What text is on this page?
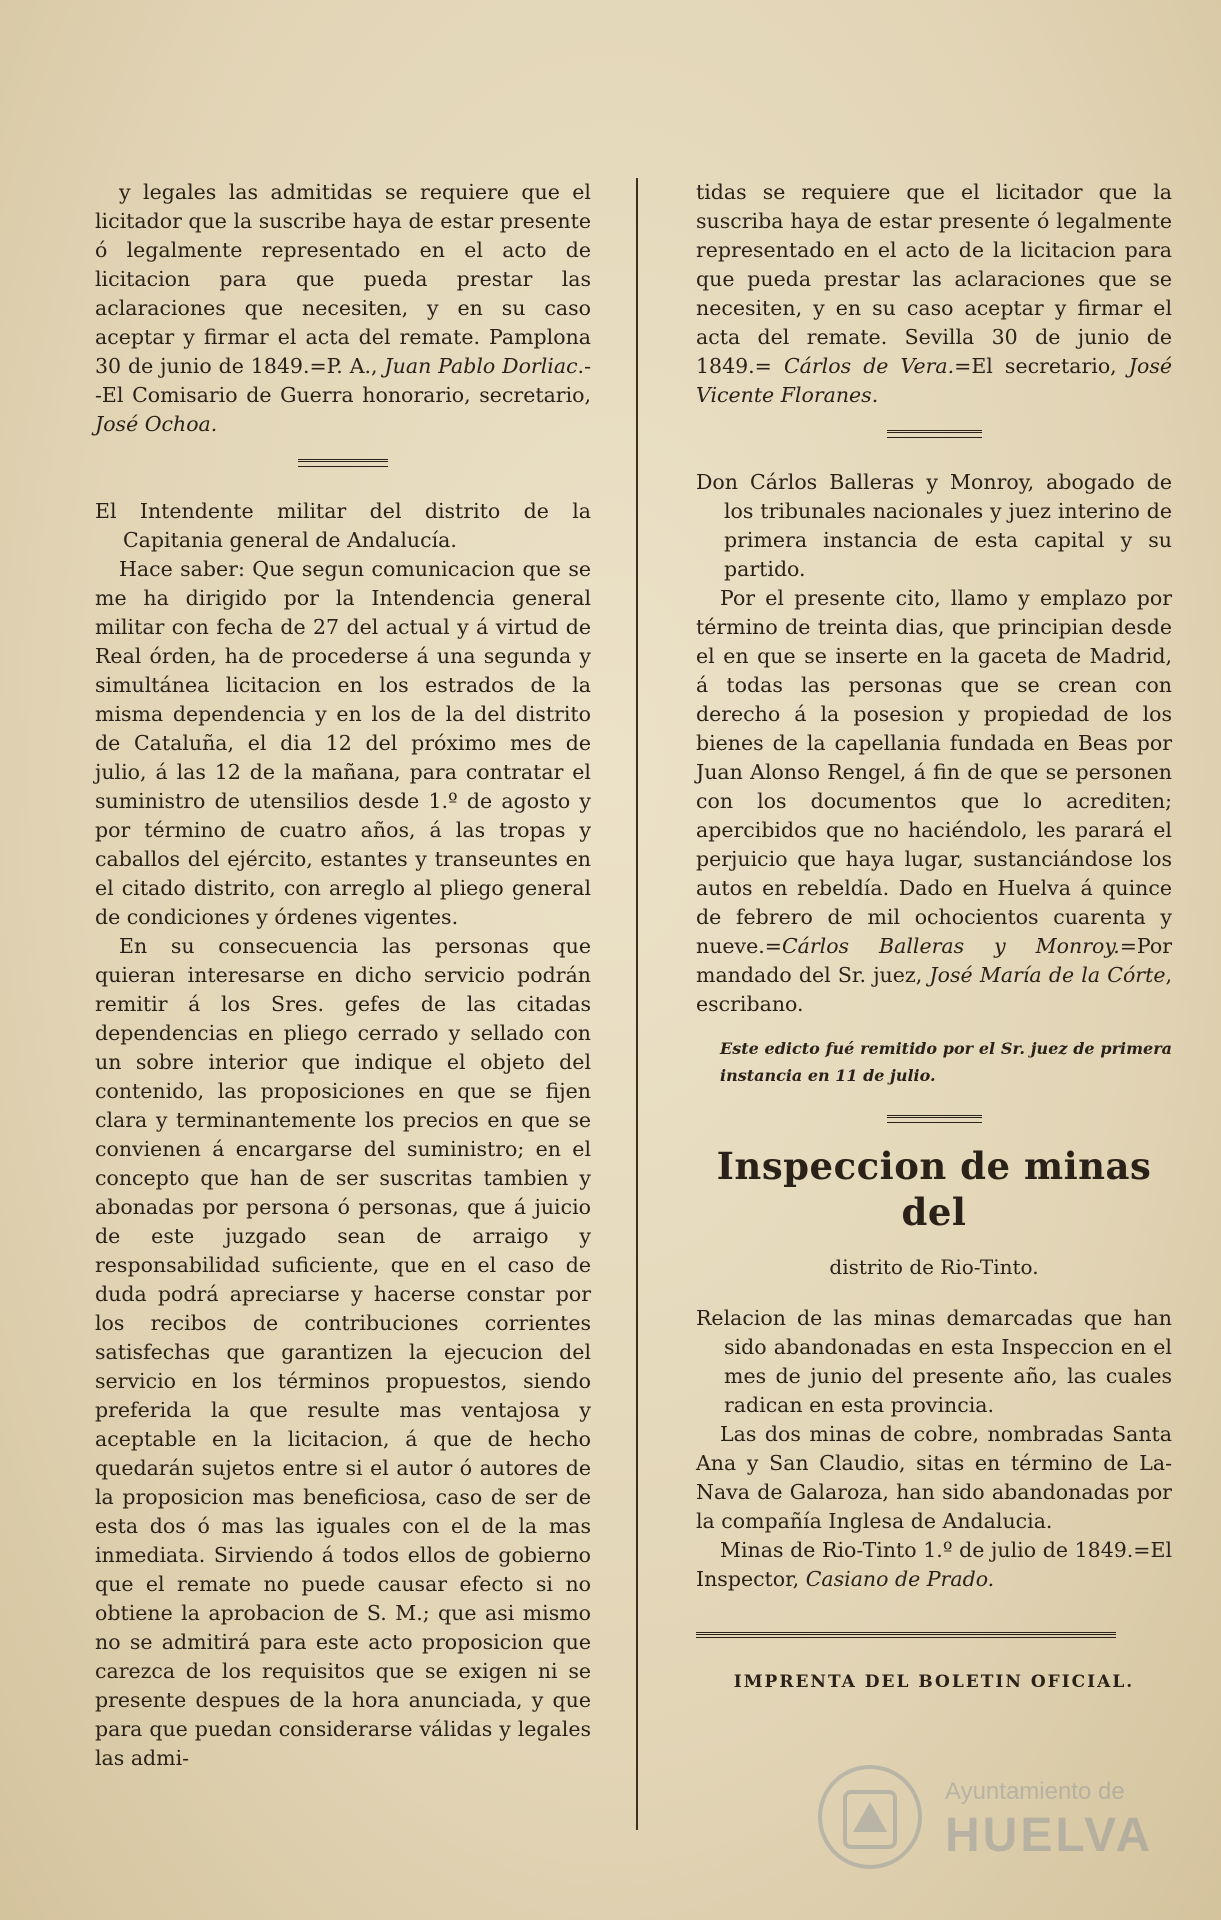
y legales las admitidas se requiere que el licitador que la suscribe haya de estar presente ó legalmente representado en el acto de licitacion para que pueda prestar las aclaraciones que necesiten, y en su caso aceptar y firmar el acta del remate. Pamplona 30 de junio de 1849.=P. A., Juan Pablo Dorliac.--El Comisario de Guerra honorario, secretario, José Ochoa.

El Intendente militar del distrito de la Capitania general de Andalucía.

Hace saber: Que segun comunicacion que se me ha dirigido por la Intendencia general militar con fecha de 27 del actual y á virtud de Real órden, ha de procederse á una segunda y simultánea licitacion en los estrados de la misma dependencia y en los de la del distrito de Cataluña, el dia 12 del próximo mes de julio, á las 12 de la mañana, para contratar el suministro de utensilios desde 1.º de agosto y por término de cuatro años, á las tropas y caballos del ejército, estantes y transeuntes en el citado distrito, con arreglo al pliego general de condiciones y órdenes vigentes.

En su consecuencia las personas que quieran interesarse en dicho servicio podrán remitir á los Sres. gefes de las citadas dependencias en pliego cerrado y sellado con un sobre interior que indique el objeto del contenido, las proposiciones en que se fijen clara y terminantemente los precios en que se convienen á encargarse del suministro; en el concepto que han de ser suscritas tambien y abonadas por persona ó personas, que á juicio de este juzgado sean de arraigo y responsabilidad suficiente, que en el caso de duda podrá apreciarse y hacerse constar por los recibos de contribuciones corrientes satisfechas que garantizen la ejecucion del servicio en los términos propuestos, siendo preferida la que resulte mas ventajosa y aceptable en la licitacion, á que de hecho quedarán sujetos entre si el autor ó autores de la proposicion mas beneficiosa, caso de ser de esta dos ó mas las iguales con el de la mas inmediata. Sirviendo á todos ellos de gobierno que el remate no puede causar efecto si no obtiene la aprobacion de S. M.; que asi mismo no se admitirá para este acto proposicion que carezca de los requisitos que se exigen ni se presente despues de la hora anunciada, y que para que puedan considerarse válidas y legales las admi-

tidas se requiere que el licitador que la suscriba haya de estar presente ó legalmente representado en el acto de la licitacion para que pueda prestar las aclaraciones que se necesiten, y en su caso aceptar y firmar el acta del remate. Sevilla 30 de junio de 1849.= Cárlos de Vera.=El secretario, José Vicente Floranes.

Don Cárlos Balleras y Monroy, abogado de los tribunales nacionales y juez interino de primera instancia de esta capital y su partido.

Por el presente cito, llamo y emplazo por término de treinta dias, que principian desde el en que se inserte en la gaceta de Madrid, á todas las personas que se crean con derecho á la posesion y propiedad de los bienes de la capellania fundada en Beas por Juan Alonso Rengel, á fin de que se personen con los documentos que lo acrediten; apercibidos que no haciéndolo, les parará el perjuicio que haya lugar, sustanciándose los autos en rebeldía. Dado en Huelva á quince de febrero de mil ochocientos cuarenta y nueve.=Cárlos Balleras y Monroy.=Por mandado del Sr. juez, José María de la Córte, escribano.

Este edicto fué remitido por el Sr. juez de primera instancia en 11 de julio.

Inspeccion de minas del
distrito de Rio-Tinto.

Relacion de las minas demarcadas que han sido abandonadas en esta Inspeccion en el mes de junio del presente año, las cuales radican en esta provincia.

Las dos minas de cobre, nombradas Santa Ana y San Claudio, sitas en término de La-Nava de Galaroza, han sido abandonadas por la compañía Inglesa de Andalucia.

Minas de Rio-Tinto 1.º de julio de 1849.=El Inspector, Casiano de Prado.

IMPRENTA DEL BOLETIN OFICIAL.
Ayuntamiento de
HUELVA
